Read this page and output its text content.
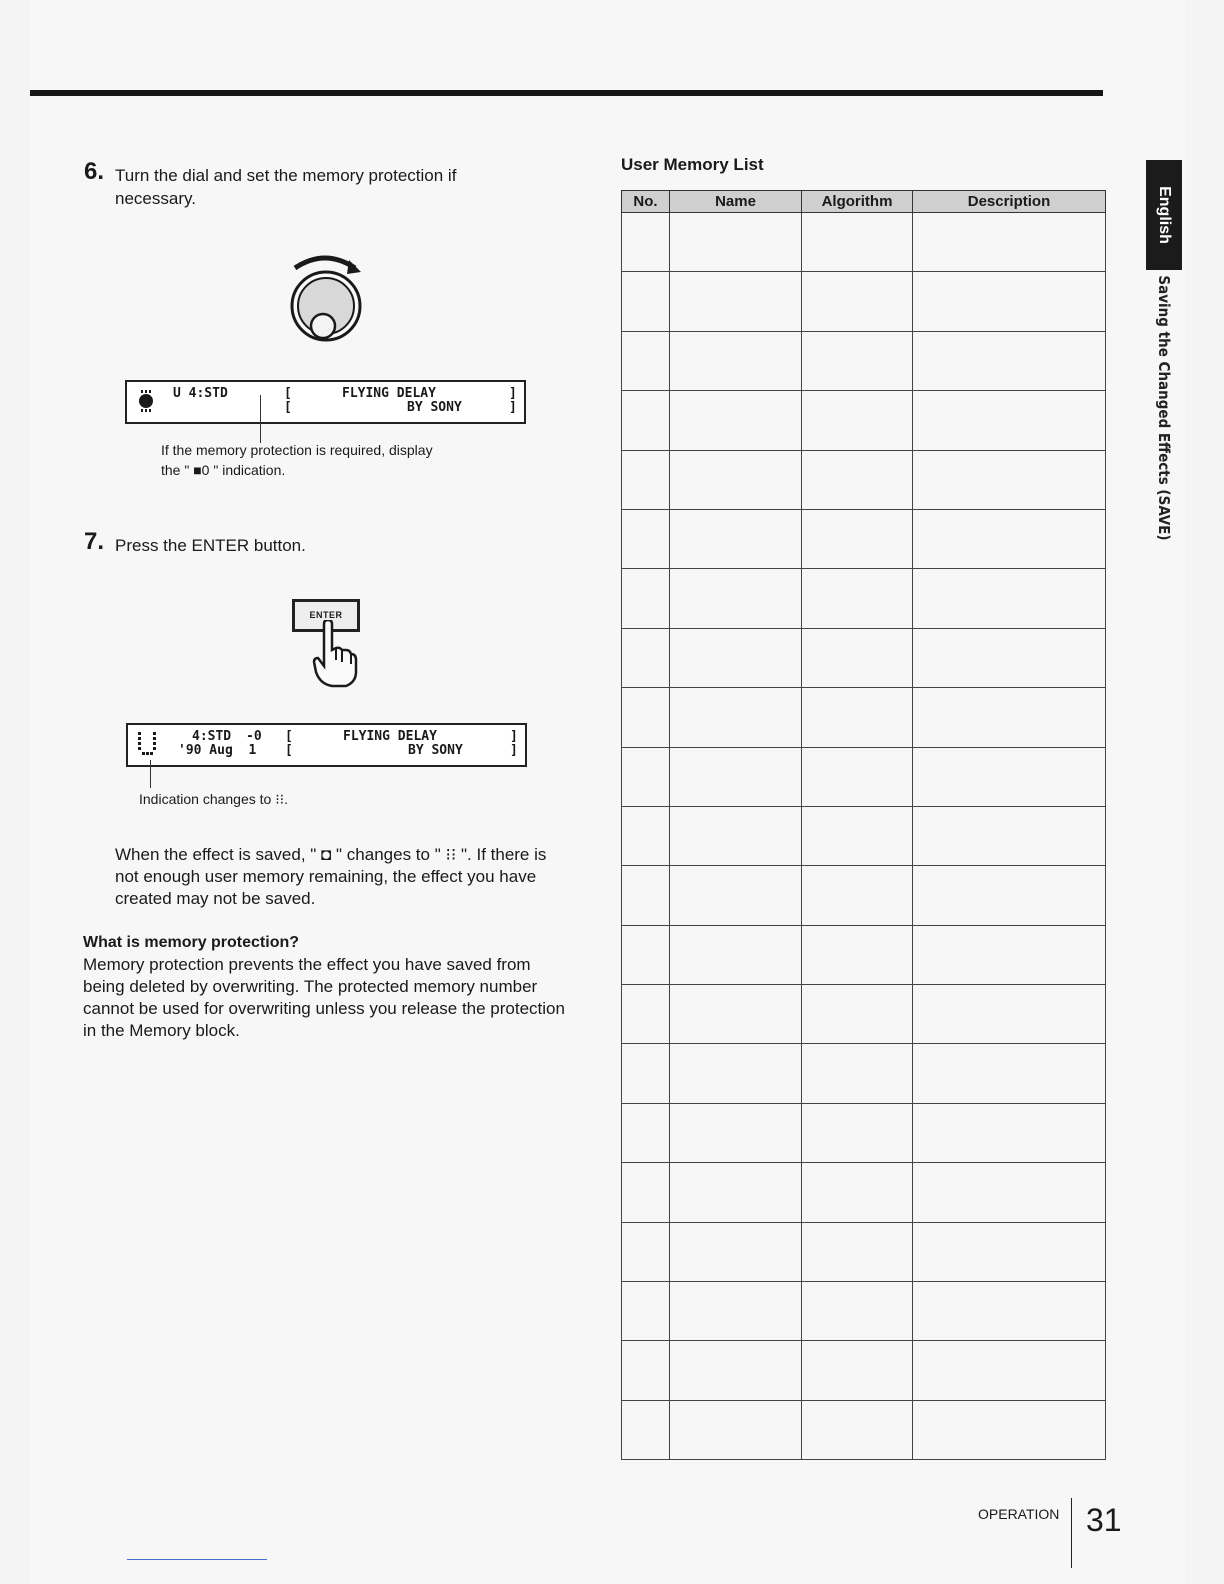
6. Turn the dial and set the memory protection if necessary.
U 4:STD	[
[
FLYING DELAY
BY SONY
]
]
If the memory protection is required, display the " ■0 " indication.
7. Press the ENTER button.
ENTER
4:STD -0 [
[
'90 Aug  1
FLYING DELAY
BY SONY
]
]
Indication changes to ⁝⁝.
When the effect is saved, " ◘ " changes to " ⁝⁝ ". If there is not enough user memory remaining, the effect you have created may not be saved.
What is memory protection?
Memory protection prevents the effect you have saved from being deleted by overwriting. The protected memory number cannot be used for overwriting unless you release the protection in the Memory block.
User Memory List
No.	Name	Algorithm	Description

				English
Saving the Changed Effects (SAVE)
OPERATION 31
